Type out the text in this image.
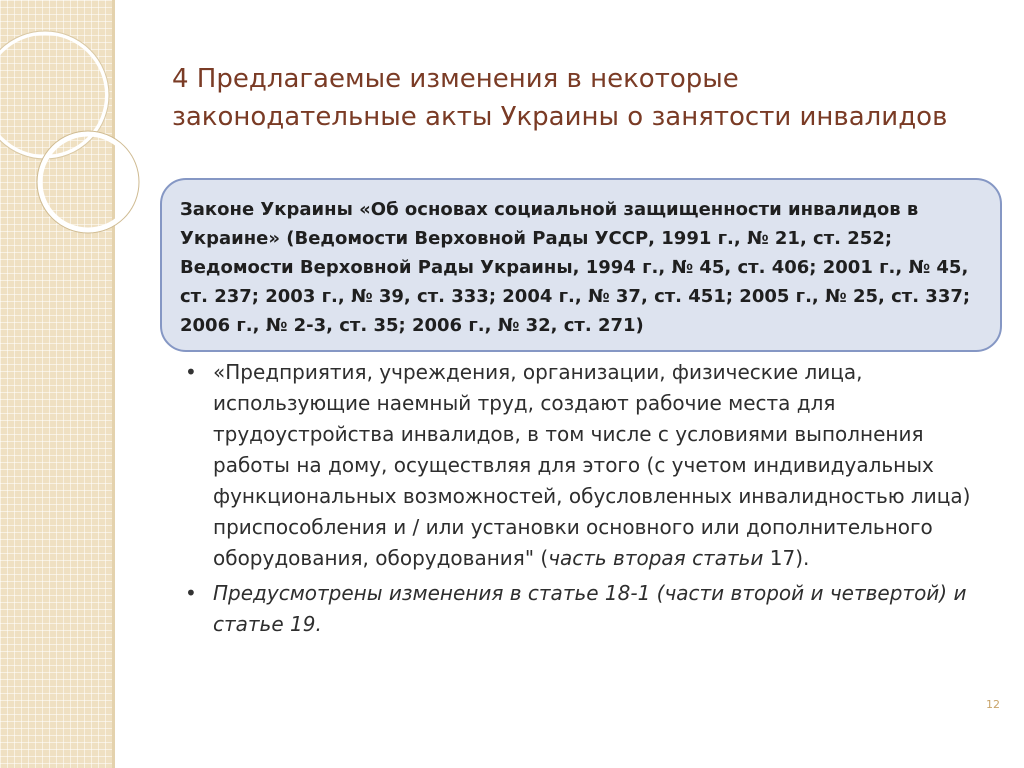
4 Предлагаемые изменения в некоторые
законодательные акты Украины о занятости инвалидов
Законе Украины «Об основах социальной защищенности инвалидов в Украине» (Ведомости Верховной Рады УССР, 1991 г., № 21, ст. 252; Ведомости Верховной Рады Украины, 1994 г., № 45, ст. 406; 2001 г., № 45, ст. 237; 2003 г., № 39, ст. 333; 2004 г., № 37, ст. 451; 2005 г., № 25, ст. 337; 2006 г., № 2-3, ст. 35; 2006 г., № 32, ст. 271)
• «Предприятия, учреждения, организации, физические лица, использующие наемный труд, создают рабочие места для трудоустройства инвалидов, в том числе с условиями выполнения работы на дому, осуществляя для этого (с учетом индивидуальных функциональных возможностей, обусловленных инвалидностью лица) приспособления и / или установки основного или дополнительного оборудования, оборудования" (часть вторая статьи 17).
• Предусмотрены изменения в статье 18-1 (части второй и четвертой) и статье 19.
12
